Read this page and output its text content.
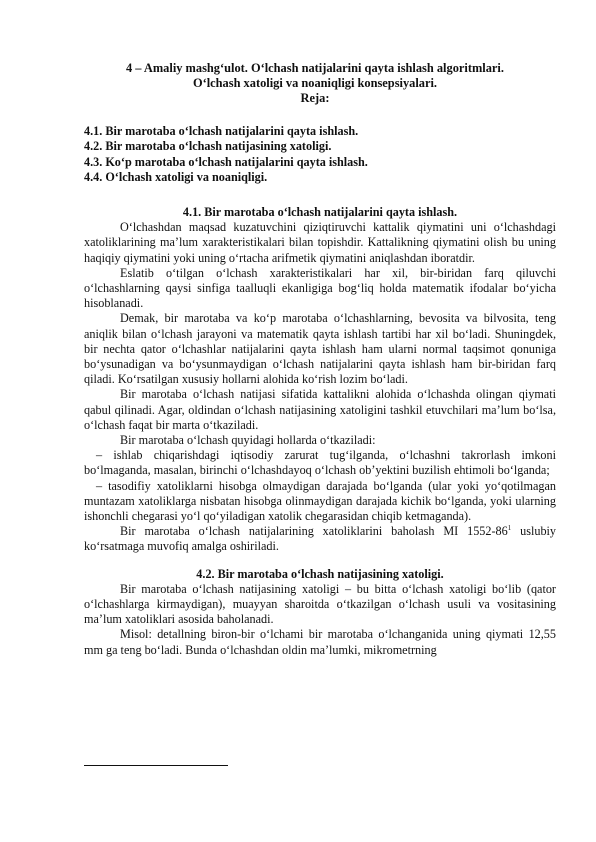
4 – Amaliy mashg‘ulot. O‘lchash natijalarini qayta ishlash algoritmlari.
O‘lchash xatoligi va noaniqligi konsepsiyalari.
Reja:
4.1. Bir marotaba o‘lchash natijalarini qayta ishlash.
4.2. Bir marotaba o‘lchash natijasining xatoligi.
4.3. Ko‘p marotaba o‘lchash natijalarini qayta ishlash.
4.4. O‘lchash xatoligi va noaniqligi.
4.1. Bir marotaba o‘lchash natijalarini qayta ishlash.

O‘lchashdan maqsad kuzatuvchini qiziqtiruvchi kattalik qiymatini uni o‘lchashdagi xatoliklarining ma’lum xarakteristikalari bilan topishdir. Kattalikning qiymatini olish bu uning haqiqiy qiymatini yoki uning o‘rtacha arifmetik qiymatini aniqlashdan iboratdir.

Eslatib o‘tilgan o‘lchash xarakteristikalari har xil, bir-biridan farq qiluvchi o‘lchashlarning qaysi sinfiga taalluqli ekanligiga bog‘liq holda matematik ifodalar bo‘yicha hisoblanadi.

Demak, bir marotaba va ko‘p marotaba o‘lchashlarning, bevosita va bilvosita, teng aniqlik bilan o‘lchash jarayoni va matematik qayta ishlash tartibi har xil bo‘ladi. Shuningdek, bir nechta qator o‘lchashlar natijalarini qayta ishlash ham ularni normal taqsimot qonuniga bo‘ysunadigan va bo‘ysunmaydigan o‘lchash natijalarini qayta ishlash ham bir-biridan farq qiladi. Ko‘rsatilgan xususiy hollarni alohida ko‘rish lozim bo‘ladi.

Bir marotaba o‘lchash natijasi sifatida kattalikni alohida o‘lchashda olingan qiymati qabul qilinadi. Agar, oldindan o‘lchash natijasining xatoligini tashkil etuvchilari ma’lum bo‘lsa, o‘lchash faqat bir marta o‘tkaziladi.

Bir marotaba o‘lchash quyidagi hollarda o‘tkaziladi:

– ishlab chiqarishdagi iqtisodiy zarurat tug‘ilganda, o‘lchashni takrorlash imkoni bo‘lmaganda, masalan, birinchi o‘lchashdayoq o‘lchash ob’yektini buzilish ehtimoli bo‘lganda;

– tasodifiy xatoliklarni hisobga olmaydigan darajada bo‘lganda (ular yoki yo‘qotilmagan muntazam xatoliklarga nisbatan hisobga olinmaydigan darajada kichik bo‘lganda, yoki ularning ishonchli chegarasi yo‘l qo‘yiladigan xatolik chegarasidan chiqib ketmaganda).

Bir marotaba o‘lchash natijalarining xatoliklarini baholash MI $1552-86^1$ uslubiy ko‘rsatmaga muvofiq amalga oshiriladi.

4.2. Bir marotaba o‘lchash natijasining xatoligi.

Bir marotaba o‘lchash natijasining xatoligi – bu bitta o‘lchash xatoligi bo‘lib (qator o‘lchashlarga kirmaydigan), muayyan sharoitda o‘tkazilgan o‘lchash usuli va vositasining ma’lum xatoliklari asosida baholanadi.

Misol: detallning biron-bir o‘lchami bir marotaba o‘lchanganida uning qiymati 12,55 mm ga teng bo‘ladi. Bunda o‘lchashdan oldin ma’lumki, mikrometrning
